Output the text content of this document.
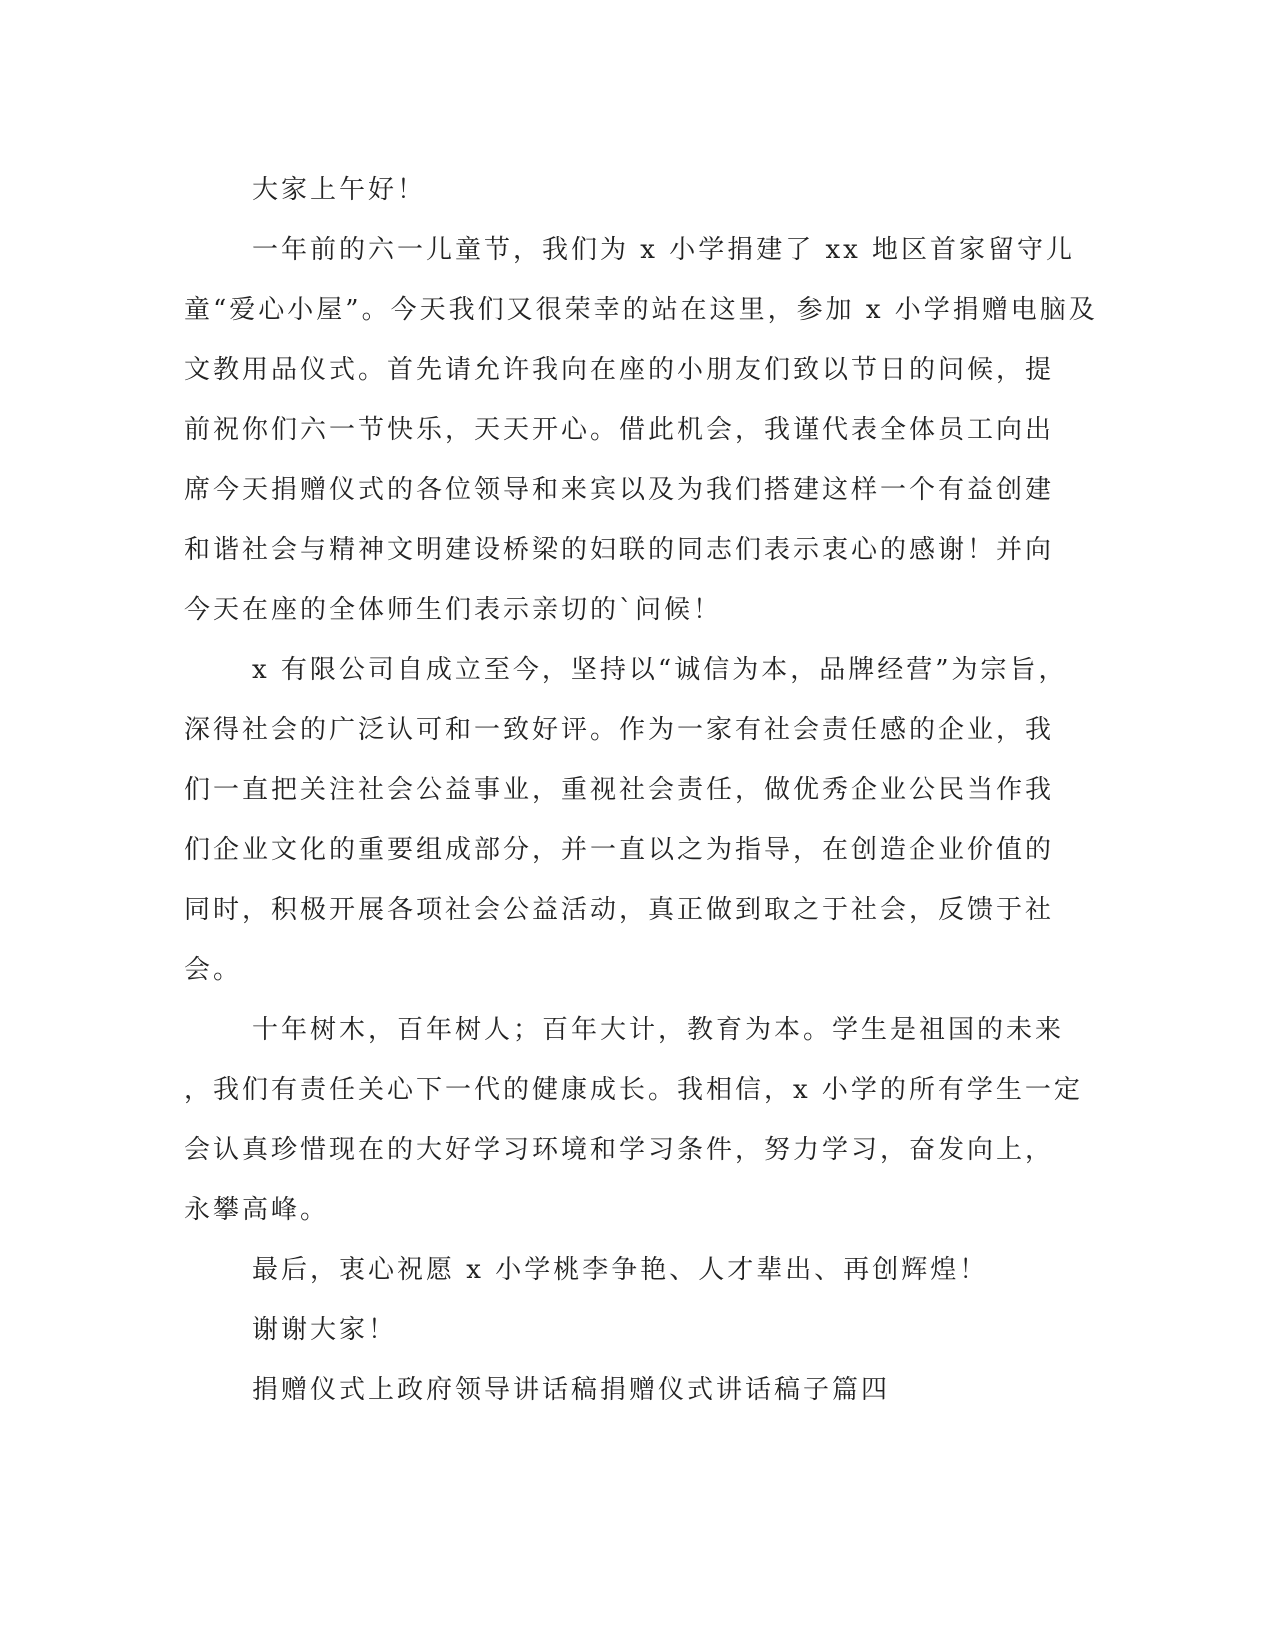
大家上午好！
一年前的六一儿童节，我们为 x 小学捐建了 xx 地区首家留守儿
童“爱心小屋”。今天我们又很荣幸的站在这里，参加 x 小学捐赠电脑及
文教用品仪式。首先请允许我向在座的小朋友们致以节日的问候，提
前祝你们六一节快乐，天天开心。借此机会，我谨代表全体员工向出
席今天捐赠仪式的各位领导和来宾以及为我们搭建这样一个有益创建
和谐社会与精神文明建设桥梁的妇联的同志们表示衷心的感谢！并向
今天在座的全体师生们表示亲切的`问候！
x 有限公司自成立至今，坚持以“诚信为本，品牌经营”为宗旨，
深得社会的广泛认可和一致好评。作为一家有社会责任感的企业，我
们一直把关注社会公益事业，重视社会责任，做优秀企业公民当作我
们企业文化的重要组成部分，并一直以之为指导，在创造企业价值的
同时，积极开展各项社会公益活动，真正做到取之于社会，反馈于社
会。
十年树木，百年树人；百年大计，教育为本。学生是祖国的未来
，我们有责任关心下一代的健康成长。我相信，x 小学的所有学生一定
会认真珍惜现在的大好学习环境和学习条件，努力学习，奋发向上，
永攀高峰。
最后，衷心祝愿 x 小学桃李争艳、人才辈出、再创辉煌！
谢谢大家！
捐赠仪式上政府领导讲话稿捐赠仪式讲话稿子篇四
